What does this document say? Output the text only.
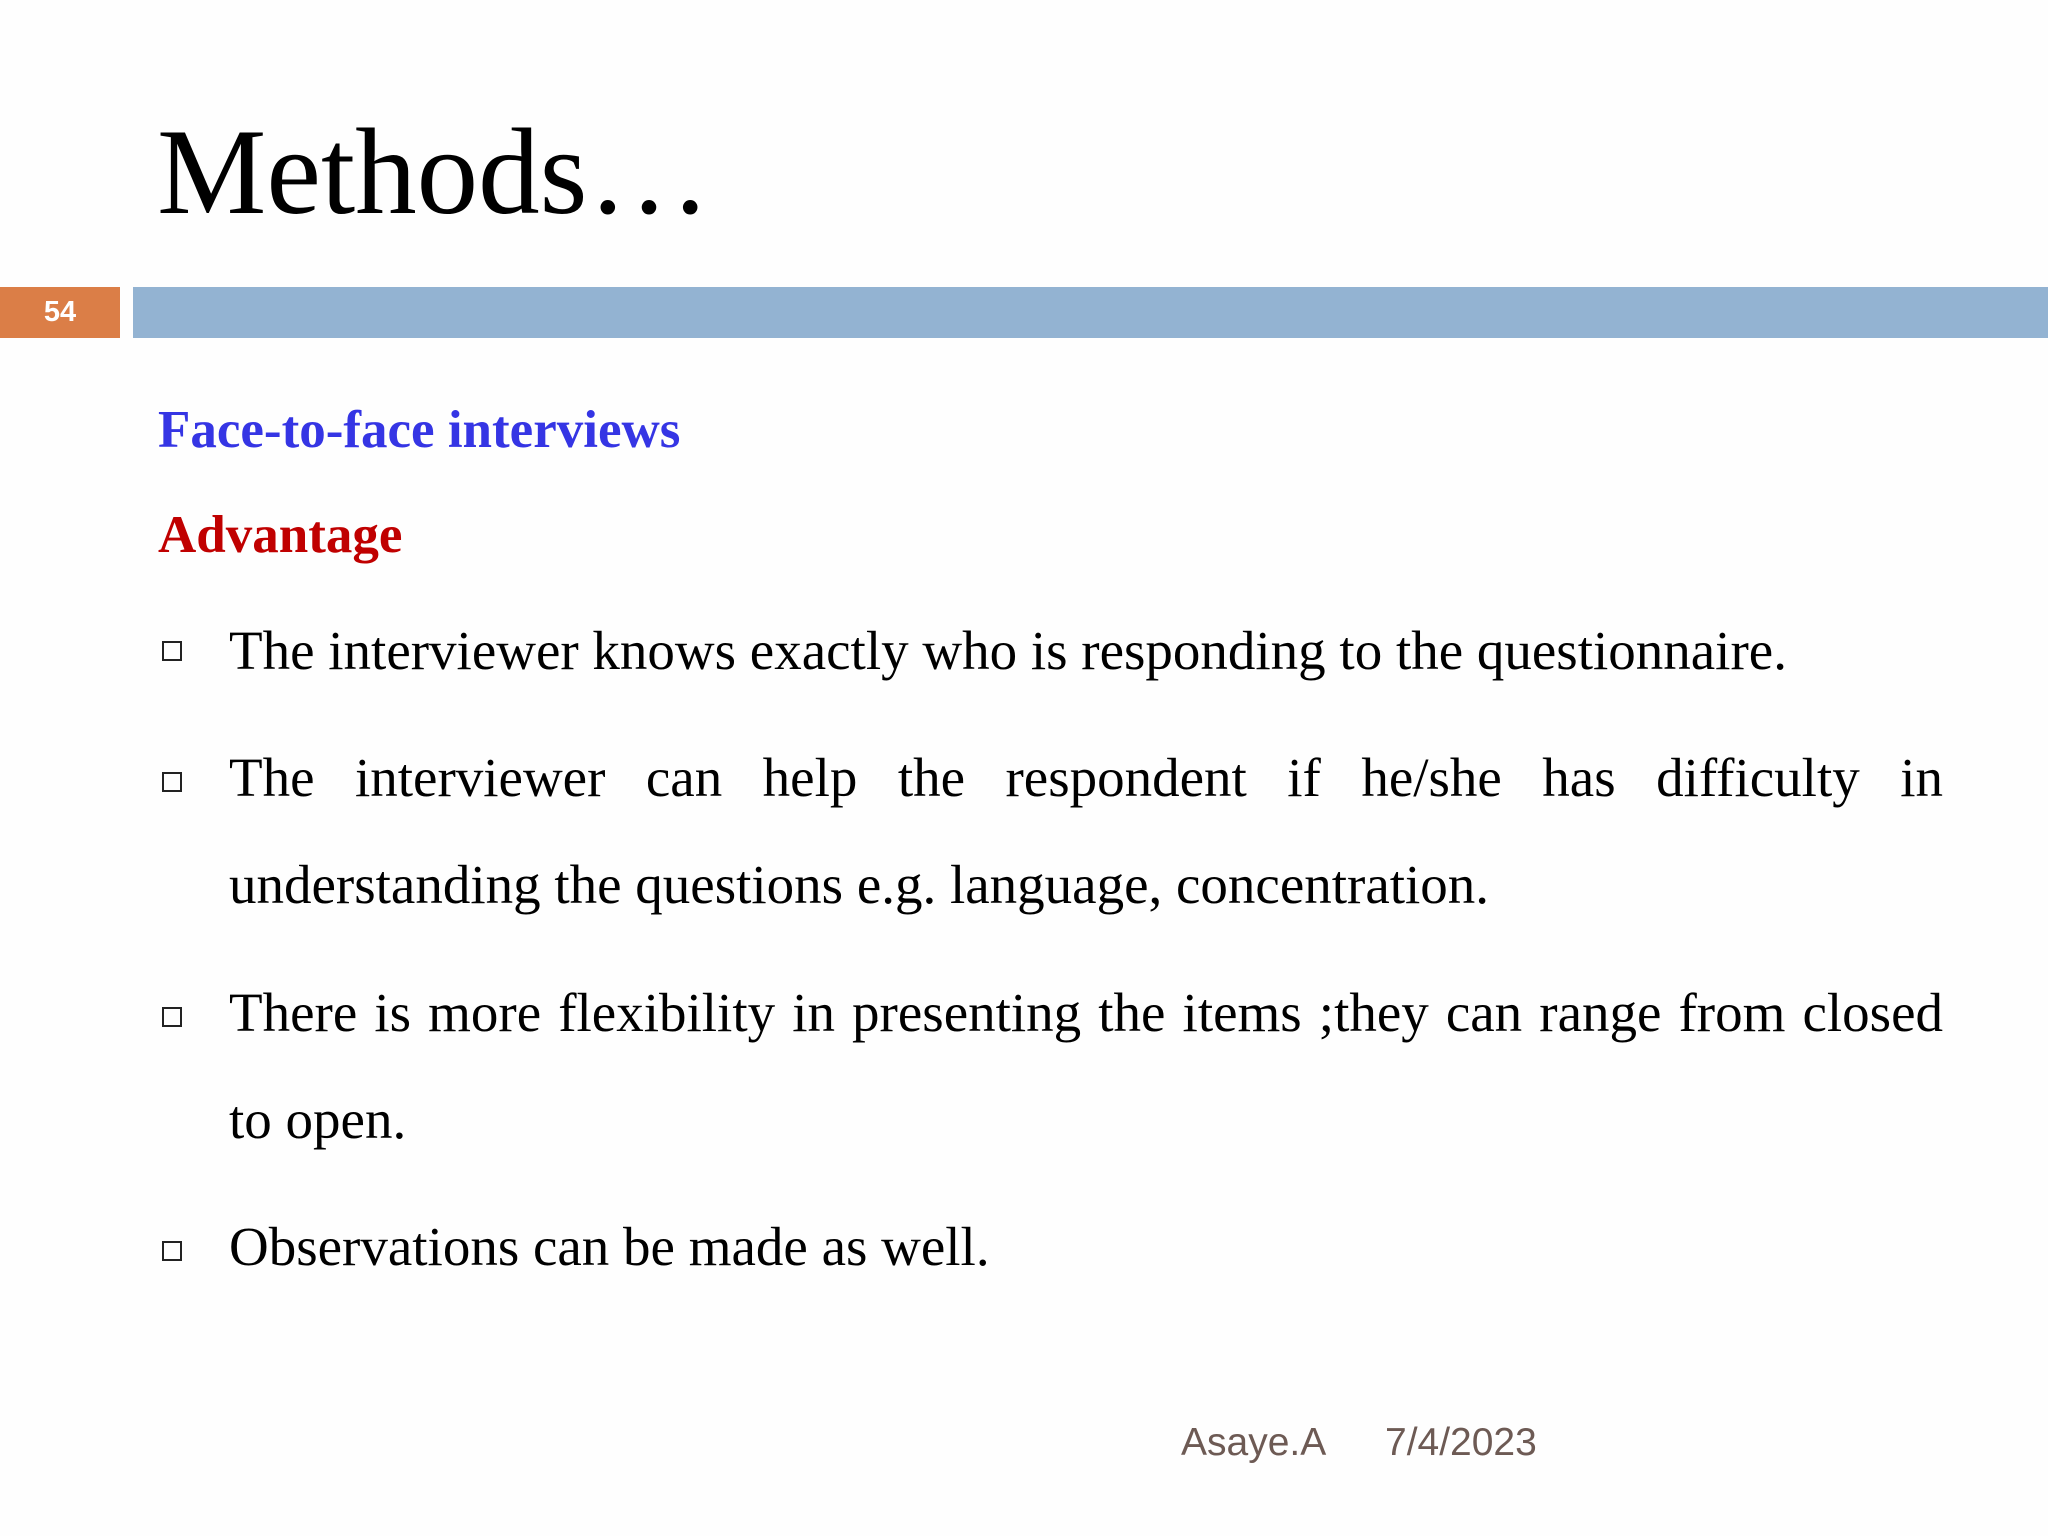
Methods…
54
Face-to-face interviews
Advantage
The interviewer knows exactly who is responding to the questionnaire.
The interviewer can help the respondent if he/she has difficulty in understanding the questions e.g. language, concentration.
There is more flexibility in presenting the items ;they can range from closed to open.
Observations can be made as well.
Asaye.A 7/4/2023
